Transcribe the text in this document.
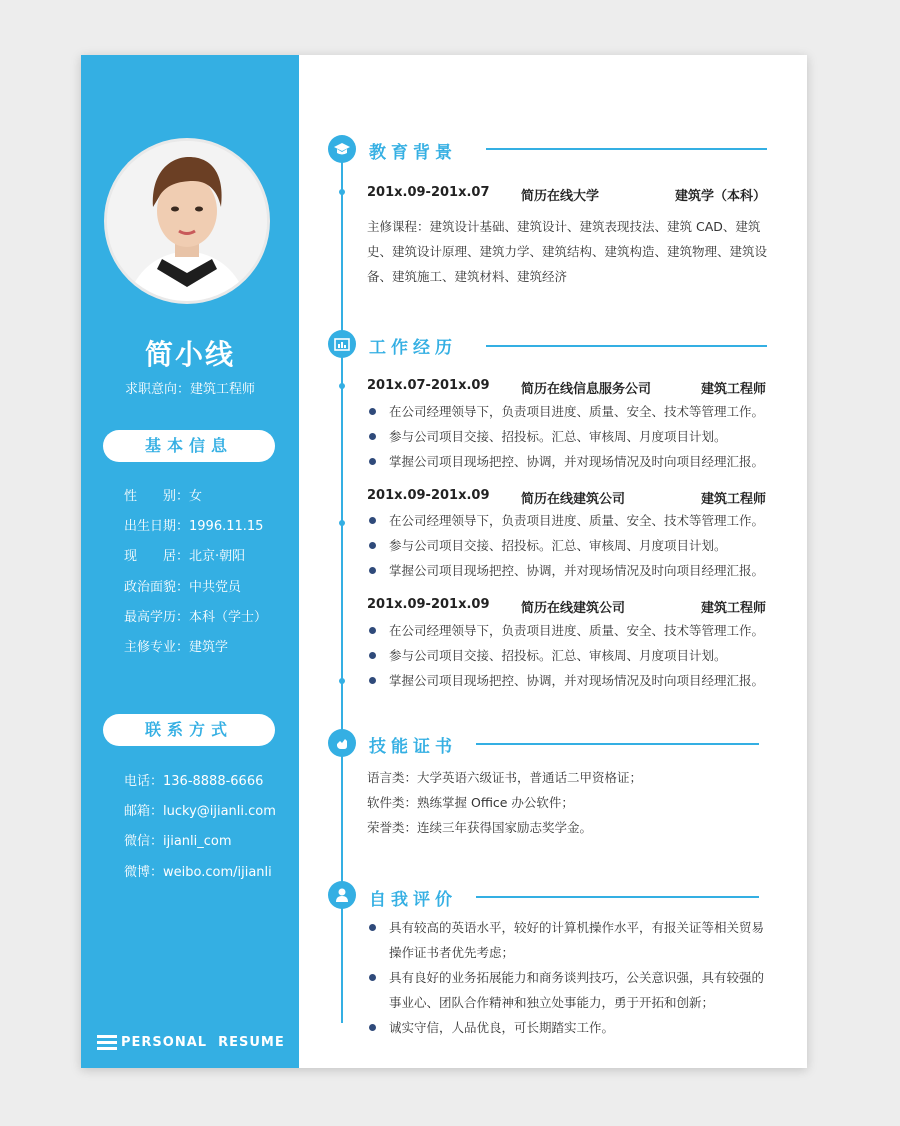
简小线
求职意向：建筑工程师
基本信息
性　　别：女
出生日期：1996.11.15
现　　居：北京·朝阳
政治面貌：中共党员
最高学历：本科（学士）
主修专业：建筑学
联系方式
电话：136-8888-6666
邮箱：lucky@ijianli.com
微信：ijianli_com
微博：weibo.com/ijianli
PERSONAL  RESUME
教育背景
201x.09-201x.07 简历在线大学	建筑学（本科）
主修课程：建筑设计基础、建筑设计、建筑表现技法、建筑 CAD、建筑史、建筑设计原理、建筑力学、建筑结构、建筑构造、建筑物理、建筑设备、建筑施工、建筑材料、建筑经济
工作经历
201x.07-201x.09 简历在线信息服务公司	建筑工程师
在公司经理领导下，负责项目进度、质量、安全、技术等管理工作。
参与公司项目交接、招投标。汇总、审核周、月度项目计划。
掌握公司项目现场把控、协调，并对现场情况及时向项目经理汇报。
201x.09-201x.09 简历在线建筑公司	建筑工程师
在公司经理领导下，负责项目进度、质量、安全、技术等管理工作。
参与公司项目交接、招投标。汇总、审核周、月度项目计划。
掌握公司项目现场把控、协调，并对现场情况及时向项目经理汇报。
201x.09-201x.09 简历在线建筑公司	建筑工程师
在公司经理领导下，负责项目进度、质量、安全、技术等管理工作。
参与公司项目交接、招投标。汇总、审核周、月度项目计划。
掌握公司项目现场把控、协调，并对现场情况及时向项目经理汇报。
技能证书
语言类：大学英语六级证书，普通话二甲资格证；
软件类：熟练掌握 Office 办公软件；
荣誉类：连续三年获得国家励志奖学金。
自我评价
具有较高的英语水平，较好的计算机操作水平，有报关证等相关贸易操作证书者优先考虑；
具有良好的业务拓展能力和商务谈判技巧，公关意识强，具有较强的事业心、团队合作精神和独立处事能力，勇于开拓和创新；
诚实守信，人品优良，可长期踏实工作。
